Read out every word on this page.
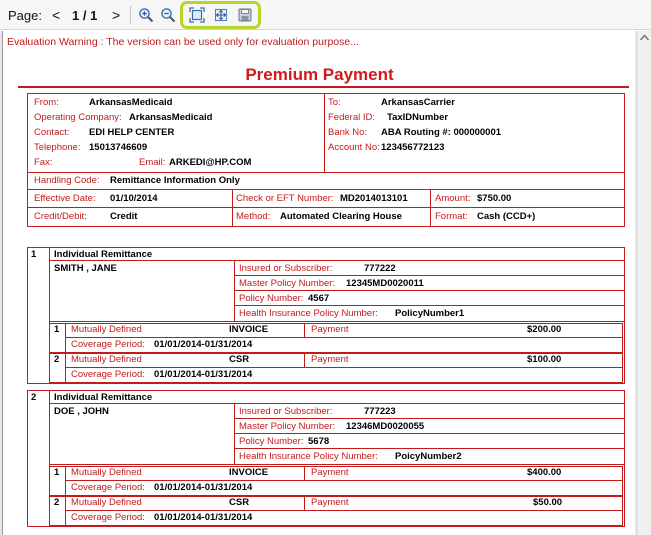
Page: < 1 / 1 >
Evaluation Warning : The version can be used only for evaluation purpose...
Premium Payment
From:	ArkansasMedicaid
Operating Company: ArkansasMedicaid
Contact: EDI HELP CENTER
Telephone: 15013746609
Fax:	Email: ARKEDI@HP.COM
To:	ArkansasCarrier
Federal ID: TaxIDNumber
Bank No: ABA Routing #: 000000001
Account No: 123456772123
Handling Code: Remittance Information Only
Effective Date: 01/10/2014	Check or EFT Number: MD2014013101	Amount: $750.00
Credit/Debit: Credit	Method: Automated Clearing House	Format: Cash (CCD+)
1 Individual Remittance
SMITH , JANE	Insured or Subscriber:	777222
Master Policy Number: 12345MD0020011
Policy Number: 4567
Health Insurance Policy Number: PolicyNumber1
1 Mutually Defined	INVOICE	Payment	$200.00
Coverage Period: 01/01/2014-01/31/2014
2 Mutually Defined	CSR	Payment	$100.00
Coverage Period: 01/01/2014-01/31/2014
2 Individual Remittance
DOE , JOHN	Insured or Subscriber:	777223
Master Policy Number: 12346MD0020055
Policy Number: 5678
Health Insurance Policy Number: PoicyNumber2
1 Mutually Defined	INVOICE	Payment	$400.00
Coverage Period: 01/01/2014-01/31/2014
2 Mutually Defined	CSR	Payment	$50.00
Coverage Period: 01/01/2014-01/31/2014
